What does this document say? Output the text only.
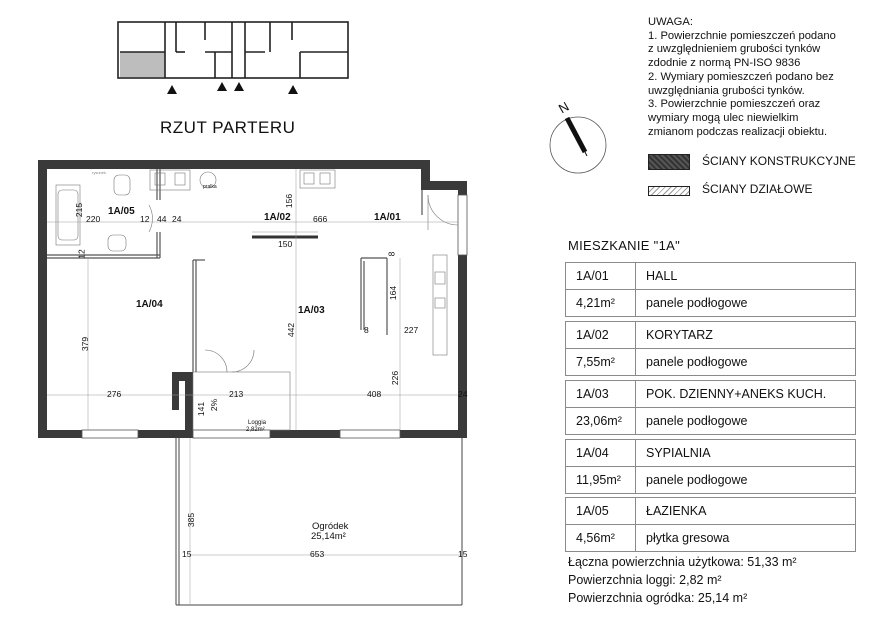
RZUT PARTERU
1A/05
1A/02	1A/01
1A/04
1A/03
220
215
12 44 24	666
156
150
12	8
164
8	227
442
379
276
226
213	408
141 2%
24
385
15	653	15
Loggia
2,82m²
Ogródek
25,14m²
pralka
rysunek
UWAGA:
1. Powierzchnie pomieszczeń podano
z uwzględnieniem grubości tynków
zdodnie z normą PN-ISO 9836
2. Wymiary pomieszczeń podano bez
uwzględniania grubości tynków.
3. Powierzchnie pomieszczeń oraz
wymiary mogą ulec niewielkim
zmianom podczas realizacji obiektu.
N
ŚCIANY KONSTRUKCYJNE
ŚCIANY DZIAŁOWE
MIESZKANIE "1A"
1A/01	HALL
4,21m²	panele podłogowe
1A/02	KORYTARZ
7,55m²	panele podłogowe
1A/03	POK. DZIENNY+ANEKS KUCH.
23,06m²	panele podłogowe
1A/04	SYPIALNIA
11,95m²	panele podłogowe
1A/05	ŁAZIENKA
4,56m²	płytka gresowa
Łączna powierzchnia użytkowa: 51,33 m²
Powierzchnia loggi: 2,82 m²
Powierzchnia ogródka: 25,14 m²
